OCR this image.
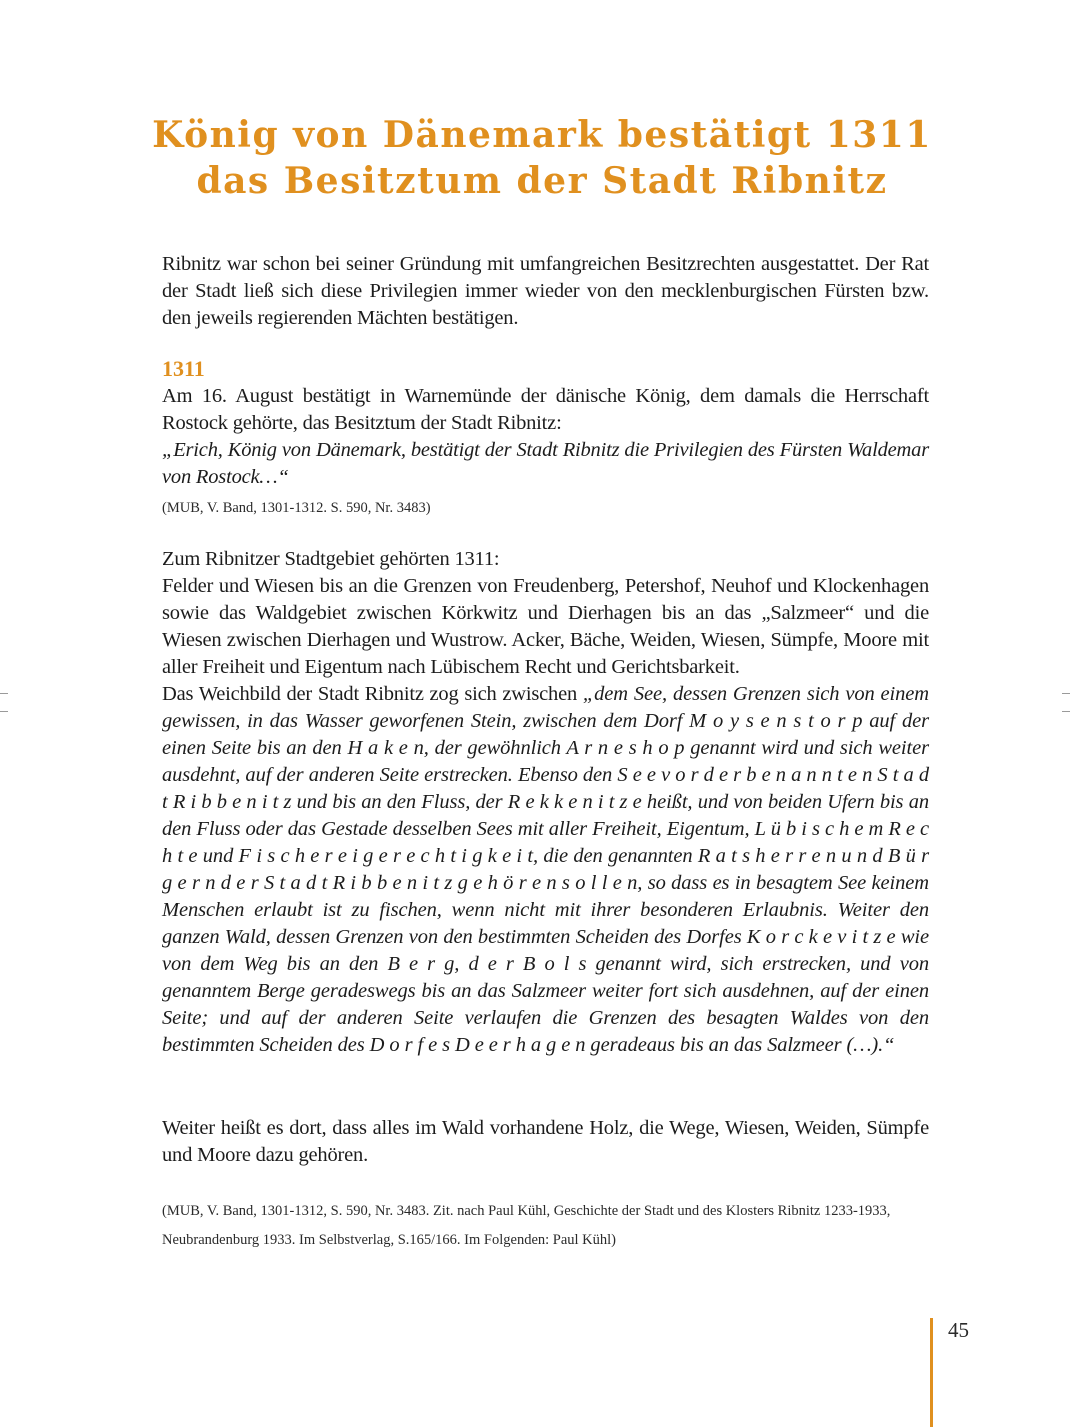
König von Dänemark bestätigt 1311
das Besitztum der Stadt Ribnitz

Ribnitz war schon bei seiner Gründung mit umfangreichen Besitzrechten ausgestattet. Der Rat der Stadt ließ sich diese Privilegien immer wieder von den mecklenburgischen Fürsten bzw. den jeweils regierenden Mächten bestätigen.

1311

Am 16. August bestätigt in Warnemünde der dänische König, dem damals die Herrschaft Rostock gehörte, das Besitztum der Stadt Ribnitz:

„Erich, König von Dänemark, bestätigt der Stadt Ribnitz die Privilegien des Fürsten Waldemar von Rostock…“

(MUB, V. Band, 1301-1312. S. 590, Nr. 3483)

Zum Ribnitzer Stadtgebiet gehörten 1311:

Felder und Wiesen bis an die Grenzen von Freudenberg, Petershof, Neuhof und Klockenhagen sowie das Waldgebiet zwischen Körkwitz und Dierhagen bis an das „Salzmeer“ und die Wiesen zwischen Dierhagen und Wustrow. Acker, Bäche, Weiden, Wiesen, Sümpfe, Moore mit aller Freiheit und Eigentum nach Lübischem Recht und Gerichtsbarkeit.

Das Weichbild der Stadt Ribnitz zog sich zwischen „dem See, dessen Grenzen sich von einem gewissen, in das Wasser geworfenen Stein, zwischen dem Dorf M o y s e n s t o r p auf der einen Seite bis an den H a k e n, der gewöhnlich A r n e s h o p genannt wird und sich weiter ausdehnt, auf der anderen Seite erstrecken. Ebenso den S e e v o r d e r b e n a n n t e n S t a d t R i b b e n i t z und bis an den Fluss, der R e k k e n i t z e heißt, und von beiden Ufern bis an den Fluss oder das Gestade desselben Sees mit aller Freiheit, Eigentum, L ü b i s c h e m R e c h t e und F i s c h e r e i g e r e c h t i g k e i t, die den genannten R a t s h e r r e n u n d B ü r g e r n d e r S t a d t R i b b e n i t z g e h ö r e n s o l l e n, so dass es in besagtem See keinem Menschen erlaubt ist zu fischen, wenn nicht mit ihrer besonderen Erlaubnis. Weiter den ganzen Wald, dessen Grenzen von den bestimmten Scheiden des Dorfes K o r c k e v i t z e wie von dem Weg bis an den B e r g, d e r B o l s genannt wird, sich erstrecken, und von genanntem Berge geradeswegs bis an das Salzmeer weiter fort sich ausdehnen, auf der einen Seite; und auf der anderen Seite verlaufen die Grenzen des besagten Waldes von den bestimmten Scheiden des D o r f e s D e e r h a g e n geradeaus bis an das Salzmeer (…).“

Weiter heißt es dort, dass alles im Wald vorhandene Holz, die Wege, Wiesen, Weiden, Sümpfe und Moore dazu gehören.

(MUB, V. Band, 1301-1312, S. 590, Nr. 3483. Zit. nach Paul Kühl, Geschichte der Stadt und des Klosters Ribnitz 1233-1933, Neubrandenburg 1933. Im Selbstverlag, S.165/166. Im Folgenden: Paul Kühl)
45
